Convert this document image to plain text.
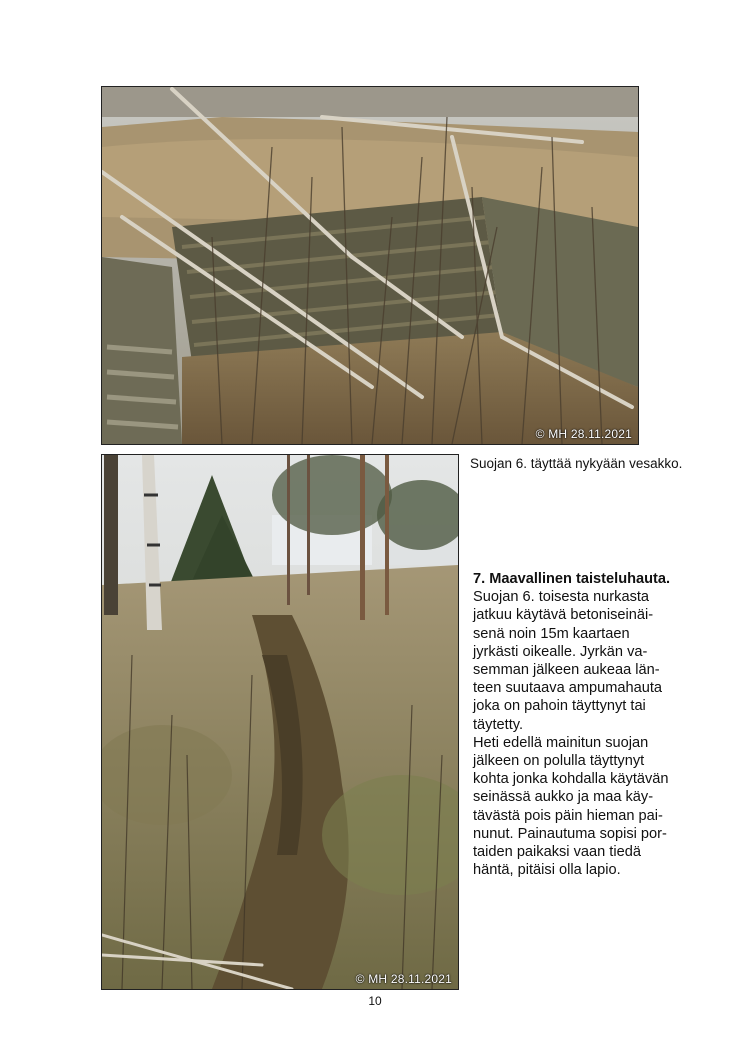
© MH 28.11.2021
Suojan 6. täyttää nykyään vesakko.
© MH 28.11.2021
7. Maavallinen taisteluhauta.

Suojan 6. toisesta nurkasta
jatkuu käytävä betoniseinäi-
senä noin 15m kaartaen
jyrkästi oikealle. Jyrkän va-
semman jälkeen aukeaa län-
teen suutaava ampumahauta
joka on pahoin täyttynyt tai
täytetty.
Heti edellä mainitun suojan
jälkeen on polulla täyttynyt
kohta jonka kohdalla käytävän
seinässä aukko ja maa käy-
tävästä pois päin hieman pai-
nunut. Painautuma sopisi por-
taiden paikaksi vaan tiedä
häntä, pitäisi olla lapio.

10
